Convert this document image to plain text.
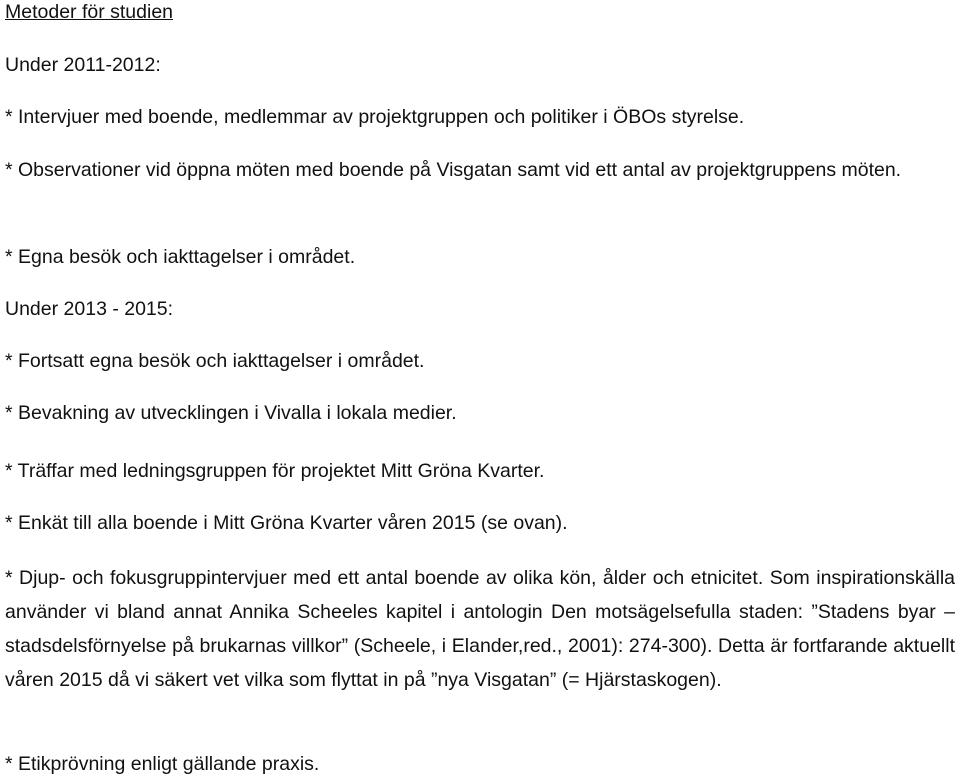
Metoder för studien
Under 2011-2012:
* Intervjuer med boende, medlemmar av projektgruppen och politiker i ÖBOs styrelse.
* Observationer vid öppna möten med boende på Visgatan samt vid ett antal av projektgruppens möten.
* Egna besök och iakttagelser i området.
Under 2013 - 2015:
* Fortsatt egna besök och iakttagelser i området.
* Bevakning av utvecklingen i Vivalla i lokala medier.
* Träffar med ledningsgruppen för projektet Mitt Gröna Kvarter.
* Enkät till alla boende i Mitt Gröna Kvarter våren 2015 (se ovan).
* Djup- och fokusgruppintervjuer med ett antal boende av olika kön, ålder och etnicitet. Som inspirationskälla använder vi bland annat Annika Scheeles kapitel i antologin Den motsägelsefulla staden: ”Stadens byar – stadsdelsförnyelse på brukarnas villkor” (Scheele, i Elander,red., 2001): 274-300). Detta är fortfarande aktuellt våren 2015 då vi säkert vet vilka som flyttat in på ”nya Visgatan” (= Hjärstaskogen).
* Etikprövning enligt gällande praxis.
